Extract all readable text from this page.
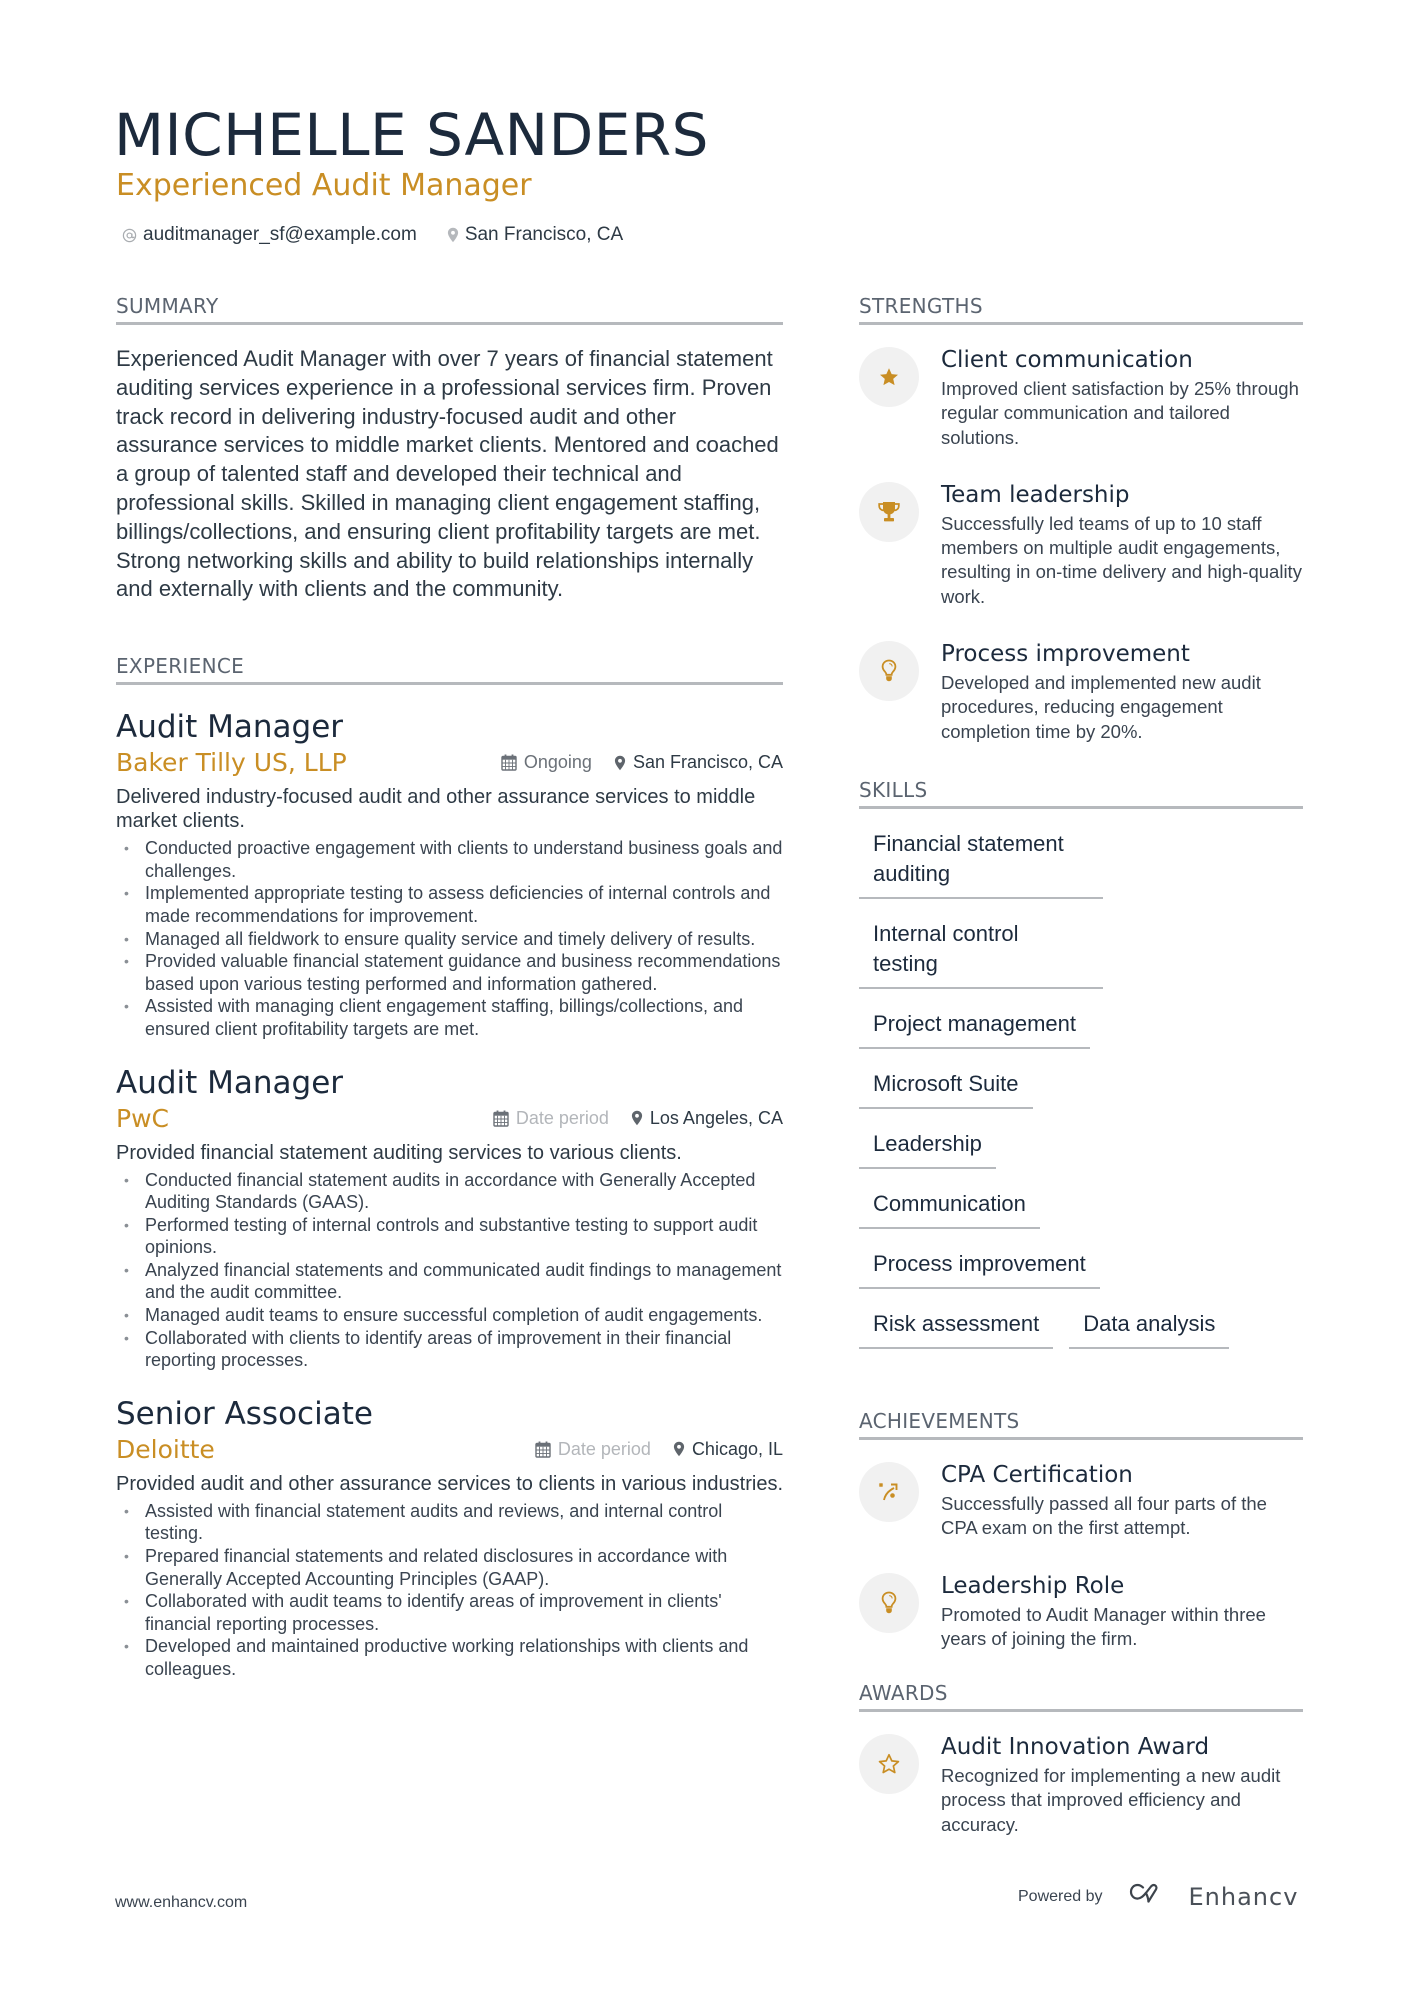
MICHELLE SANDERS
Experienced Audit Manager
auditmanager_sf@example.com	San Francisco, CA
SUMMARY

Experienced Audit Manager with over 7 years of financial statement auditing services experience in a professional services firm. Proven track record in delivering industry-focused audit and other assurance services to middle market clients. Mentored and coached a group of talented staff and developed their technical and professional skills. Skilled in managing client engagement staffing, billings/collections, and ensuring client profitability targets are met. Strong networking skills and ability to build relationships internally and externally with clients and the community.

EXPERIENCE
Audit Manager
Baker Tilly US, LLP	Ongoing San Francisco, CA
Delivered industry-focused audit and other assurance services to middle market clients.
• Conducted proactive engagement with clients to understand business goals and challenges.
• Implemented appropriate testing to assess deficiencies of internal controls and made recommendations for improvement.
• Managed all fieldwork to ensure quality service and timely delivery of results.
• Provided valuable financial statement guidance and business recommendations based upon various testing performed and information gathered.
• Assisted with managing client engagement staffing, billings/collections, and ensured client profitability targets are met.
Audit Manager
PwC	Date period Los Angeles, CA
Provided financial statement auditing services to various clients.
• Conducted financial statement audits in accordance with Generally Accepted Auditing Standards (GAAS).
• Performed testing of internal controls and substantive testing to support audit opinions.
• Analyzed financial statements and communicated audit findings to management and the audit committee.
• Managed audit teams to ensure successful completion of audit engagements.
• Collaborated with clients to identify areas of improvement in their financial reporting processes.
Senior Associate
Deloitte	Date period Chicago, IL
Provided audit and other assurance services to clients in various industries.
• Assisted with financial statement audits and reviews, and internal control testing.
• Prepared financial statements and related disclosures in accordance with Generally Accepted Accounting Principles (GAAP).
• Collaborated with audit teams to identify areas of improvement in clients' financial reporting processes.
• Developed and maintained productive working relationships with clients and colleagues.
STRENGTHS
Client communication
Improved client satisfaction by 25% through regular communication and tailored solutions.
Team leadership
Successfully led teams of up to 10 staff members on multiple audit engagements, resulting in on-time delivery and high-quality work.
Process improvement
Developed and implemented new audit procedures, reducing engagement completion time by 20%.
SKILLS
Financial statement auditing
Internal control testing
Project management
Microsoft Suite
Leadership
Communication
Process improvement
Risk assessment	Data analysis
ACHIEVEMENTS
CPA Certification
Successfully passed all four parts of the CPA exam on the first attempt.
Leadership Role
Promoted to Audit Manager within three years of joining the firm.
AWARDS
Audit Innovation Award
Recognized for implementing a new audit process that improved efficiency and accuracy.
www.enhancv.com	Powered by	Enhancv
